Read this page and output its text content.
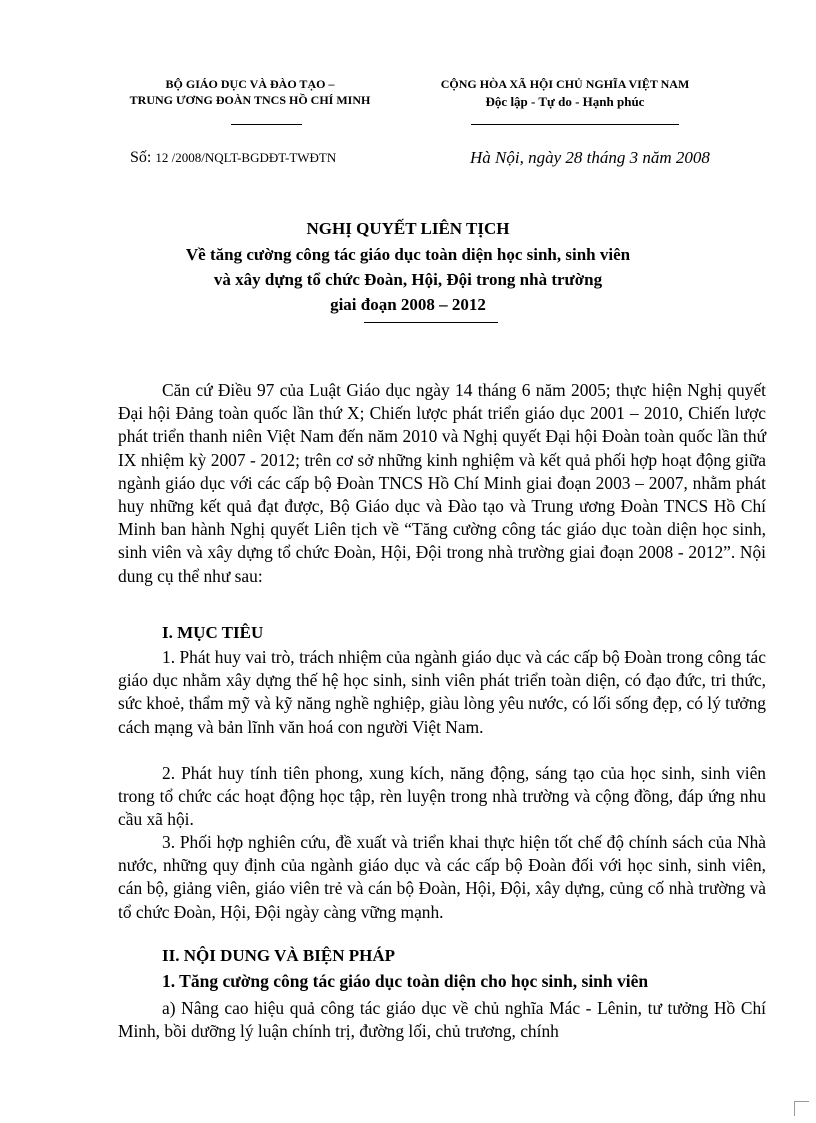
BỘ GIÁO DỤC VÀ ĐÀO TẠO –
TRUNG ƯƠNG ĐOÀN TNCS HỒ CHÍ MINH
CỘNG HÒA XÃ HỘI CHỦ NGHĨA VIỆT NAM
Độc lập - Tự do - Hạnh phúc
Số: 12 /2008/NQLT-BGDĐT-TWĐTN	Hà Nội, ngày 28 tháng 3 năm 2008
NGHỊ QUYẾT LIÊN TỊCH
Về tăng cường công tác giáo dục toàn diện học sinh, sinh viên
và xây dựng tổ chức Đoàn, Hội, Đội trong nhà trường
giai đoạn 2008 – 2012

Căn cứ Điều 97 của Luật Giáo dục ngày 14 tháng 6 năm 2005; thực hiện Nghị quyết Đại hội Đảng toàn quốc lần thứ X; Chiến lược phát triển giáo dục 2001 – 2010, Chiến lược phát triển thanh niên Việt Nam đến năm 2010 và Nghị quyết Đại hội Đoàn toàn quốc lần thứ IX nhiệm kỳ 2007 - 2012; trên cơ sở những kinh nghiệm và kết quả phối hợp hoạt động giữa ngành giáo dục với các cấp bộ Đoàn TNCS Hồ Chí Minh giai đoạn 2003 – 2007, nhằm phát huy những kết quả đạt được, Bộ Giáo dục và Đào tạo và Trung ương Đoàn TNCS Hồ Chí Minh ban hành Nghị quyết Liên tịch về “Tăng cường công tác giáo dục toàn diện học sinh, sinh viên và xây dựng tổ chức Đoàn, Hội, Đội trong nhà trường giai đoạn 2008 - 2012”. Nội dung cụ thể như sau:

I. MỤC TIÊU

1. Phát huy vai trò, trách nhiệm của ngành giáo dục và các cấp bộ Đoàn trong công tác giáo dục nhằm xây dựng thế hệ học sinh, sinh viên phát triển toàn diện, có đạo đức, tri thức, sức khoẻ, thẩm mỹ và kỹ năng nghề nghiệp, giàu lòng yêu nước, có lối sống đẹp, có lý tưởng cách mạng và bản lĩnh văn hoá con người Việt Nam.

2. Phát huy tính tiên phong, xung kích, năng động, sáng tạo của học sinh, sinh viên trong tổ chức các hoạt động học tập, rèn luyện trong nhà trường và cộng đồng, đáp ứng nhu cầu xã hội.

3. Phối hợp nghiên cứu, đề xuất và triển khai thực hiện tốt chế độ chính sách của Nhà nước, những quy định của ngành giáo dục và các cấp bộ Đoàn đối với học sinh, sinh viên, cán bộ, giảng viên, giáo viên trẻ và cán bộ Đoàn, Hội, Đội, xây dựng, củng cố nhà trường và tổ chức Đoàn, Hội, Đội ngày càng vững mạnh.

II. NỘI DUNG VÀ BIỆN PHÁP
1. Tăng cường công tác giáo dục toàn diện cho học sinh, sinh viên

a) Nâng cao hiệu quả công tác giáo dục về chủ nghĩa Mác - Lênin, tư tưởng Hồ Chí Minh, bồi dưỡng lý luận chính trị, đường lối, chủ trương, chính
